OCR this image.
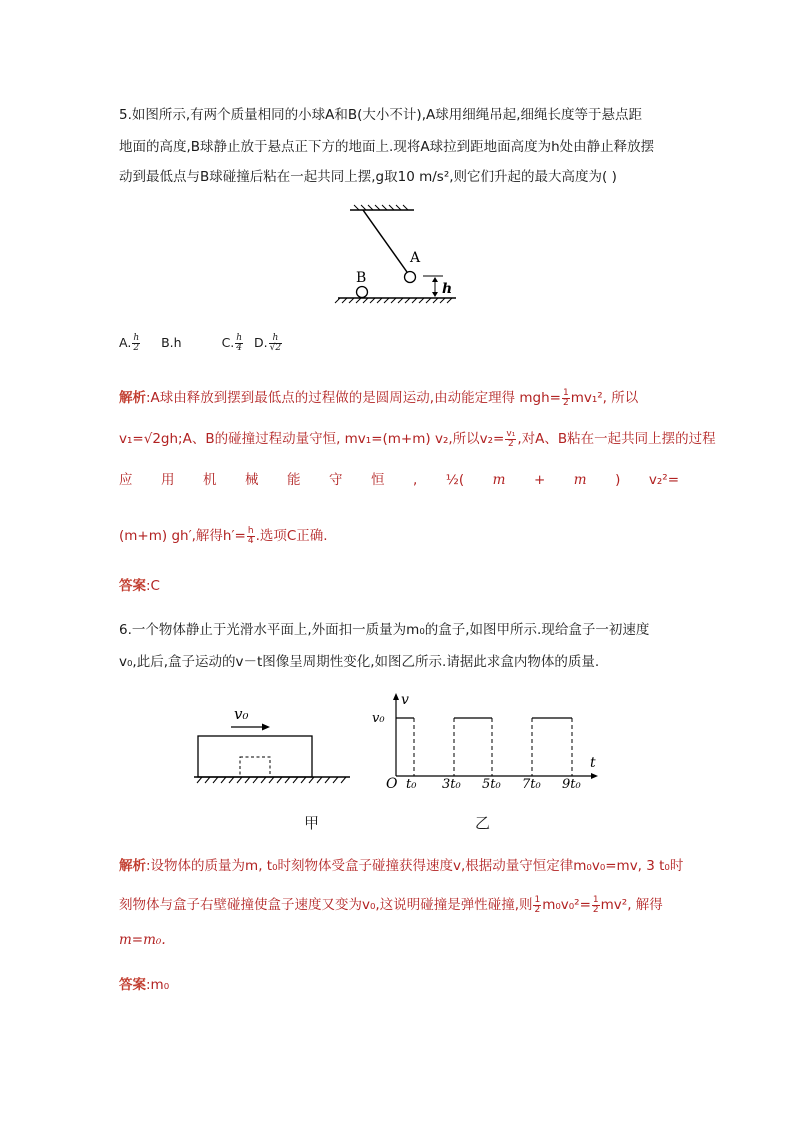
5.如图所示,有两个质量相同的小球A和B(大小不计),A球用细绳吊起,细绳长度等于悬点距
地面的高度,B球静止放于悬点正下方的地面上.现将A球拉到距地面高度为h处由静止释放摆
动到最低点与B球碰撞后粘在一起共同上摆,g取10 m/s²,则它们升起的最大高度为( )
A
B
h
A. $\frac{h}{2} B.h$	C. $\frac{h}{4} D$. $\frac{h}{√2}$
解析:A球由释放到摆到最低点的过程做的是圆周运动,由动能定理得 $mgh= \frac{1}{2} mv_1^2$, 所以
v₁=√2gh;A、B的碰撞过程动量守恒, mv₁=(m+m) v₂,所以$v_2= \frac{\text{v₁}}{2}$ ,对A、B粘在一起共同上摆的过程
应 用 机 械 能 守 恒 , ½( m + m ) v₂²=
(m+m) gh′,解得$h'= \frac{h}{4}$ .选项C正确.
答案:C
6.一个物体静止于光滑水平面上,外面扣一质量为m₀的盒子,如图甲所示.现给盒子一初速度
v₀,此后,盒子运动的v－t图像呈周期性变化,如图乙所示.请据此求盒内物体的质量.
v₀
v
t
O
v₀
t₀ 3t₀ 5t₀ 7t₀ 9t₀
甲	乙
解析:设物体的质量为m, t₀时刻物体受盒子碰撞获得速度v,根据动量守恒定律m₀v₀=mv, 3 t₀时
刻物体与盒子右壁碰撞使盒子速度又变为v₀,这说明碰撞是弹性碰撞,则 $\frac{1}{2} m_0v_0^2= \frac{1}{2} mv^2$, 解得
m=m₀.
答案:m₀
